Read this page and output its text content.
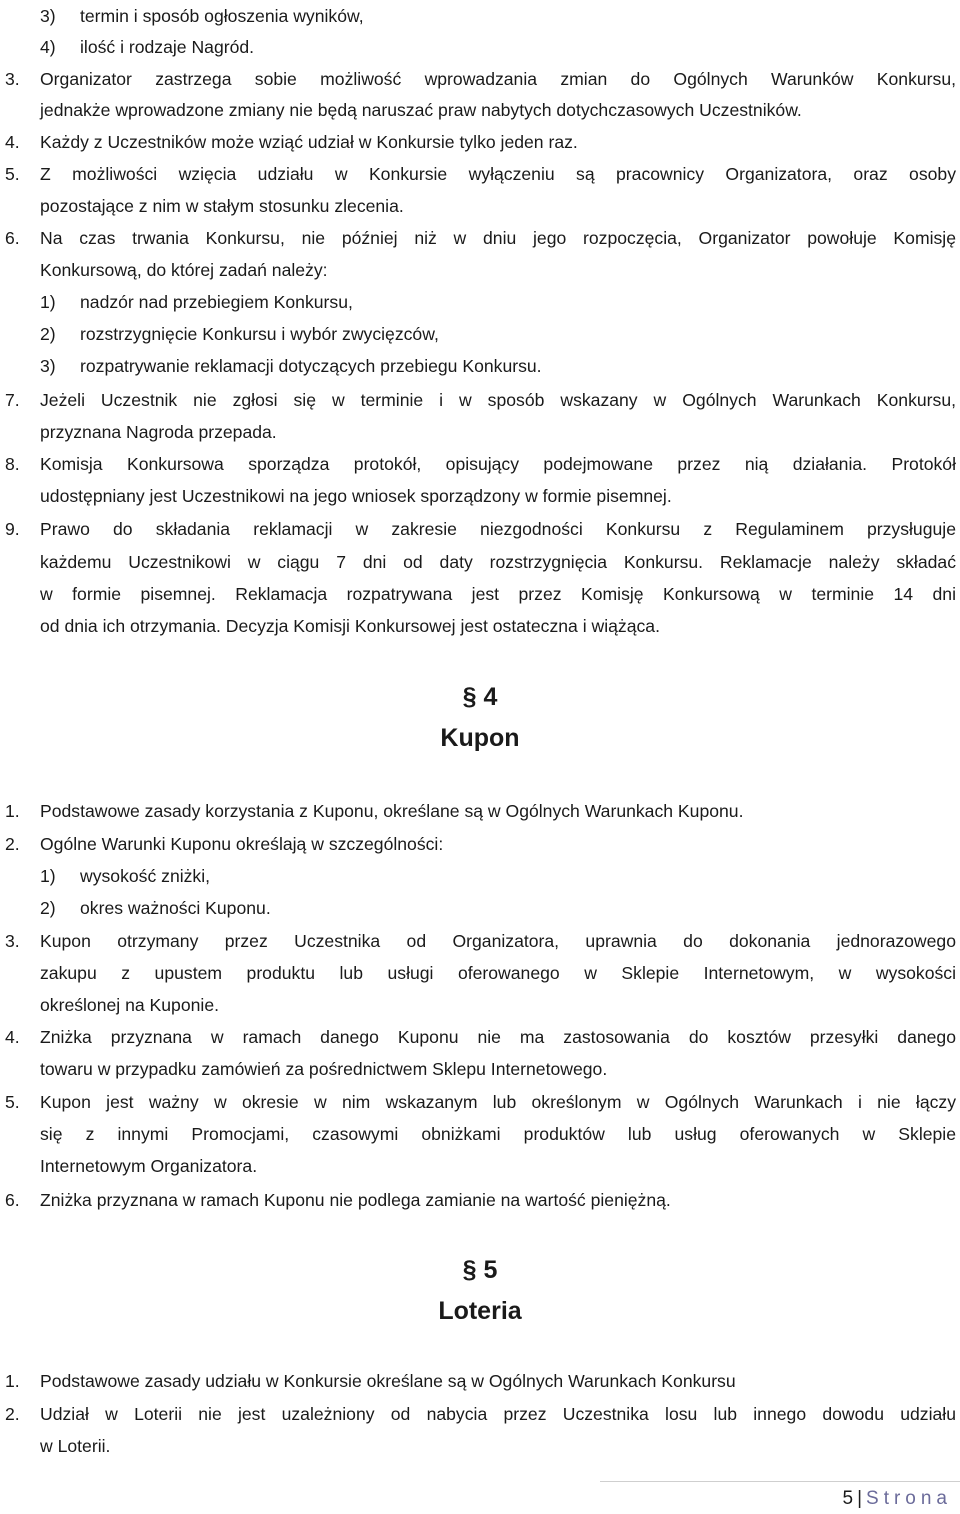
3) termin i sposób ogłoszenia wyników,
4) ilość i rodzaje Nagród.
3. Organizator zastrzega sobie możliwość wprowadzania zmian do Ogólnych Warunków Konkursu,
jednakże wprowadzone zmiany nie będą naruszać praw nabytych dotychczasowych Uczestników.
4. Każdy z Uczestników może wziąć udział w Konkursie tylko jeden raz.
5. Z możliwości wzięcia udziału w Konkursie wyłączeniu są pracownicy Organizatora, oraz osoby
pozostające z nim w stałym stosunku zlecenia.
6. Na czas trwania Konkursu, nie później niż w dniu jego rozpoczęcia, Organizator powołuje Komisję
Konkursową, do której zadań należy:
1) nadzór nad przebiegiem Konkursu,
2) rozstrzygnięcie Konkursu i wybór zwycięzców,
3) rozpatrywanie reklamacji dotyczących przebiegu Konkursu.
7. Jeżeli Uczestnik nie zgłosi się w terminie i w sposób wskazany w Ogólnych Warunkach Konkursu,
przyznana Nagroda przepada.
8. Komisja Konkursowa sporządza protokół, opisujący podejmowane przez nią działania. Protokół
udostępniany jest Uczestnikowi na jego wniosek sporządzony w formie pisemnej.
9. Prawo do składania reklamacji w zakresie niezgodności Konkursu z Regulaminem przysługuje
każdemu Uczestnikowi w ciągu 7 dni od daty rozstrzygnięcia Konkursu. Reklamacje należy składać
w formie pisemnej. Reklamacja rozpatrywana jest przez Komisję Konkursową w terminie 14 dni
od dnia ich otrzymania. Decyzja Komisji Konkursowej jest ostateczna i wiążąca.
§ 4
Kupon
1. Podstawowe zasady korzystania z Kuponu, określane są w Ogólnych Warunkach Kuponu.
2. Ogólne Warunki Kuponu określają w szczególności:
1) wysokość zniżki,
2) okres ważności Kuponu.
3. Kupon otrzymany przez Uczestnika od Organizatora, uprawnia do dokonania jednorazowego
zakupu z upustem produktu lub usługi oferowanego w Sklepie Internetowym, w wysokości
określonej na Kuponie.
4. Zniżka przyznana w ramach danego Kuponu nie ma zastosowania do kosztów przesyłki danego
towaru w przypadku zamówień za pośrednictwem Sklepu Internetowego.
5. Kupon jest ważny w okresie w nim wskazanym lub określonym w Ogólnych Warunkach i nie łączy
się z innymi Promocjami, czasowymi obniżkami produktów lub usług oferowanych w Sklepie
Internetowym Organizatora.
6. Zniżka przyznana w ramach Kuponu nie podlega zamianie na wartość pieniężną.
§ 5
Loteria
1. Podstawowe zasady udziału w Konkursie określane są w Ogólnych Warunkach Konkursu
2. Udział w Loterii nie jest uzależniony od nabycia przez Uczestnika losu lub innego dowodu udziału
w Loterii.
5 | Strona
